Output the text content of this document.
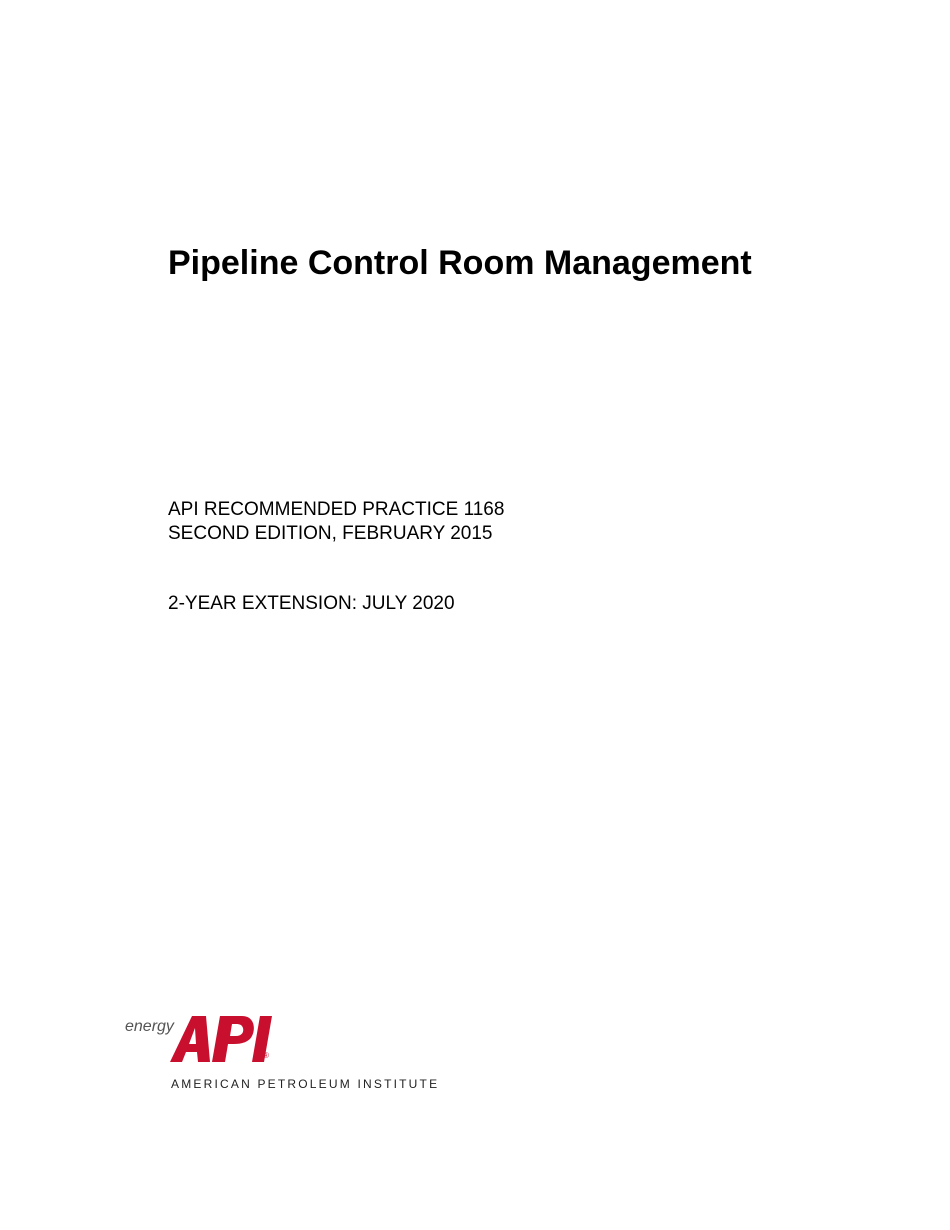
Pipeline Control Room Management
API RECOMMENDED PRACTICE 1168
SECOND EDITION, FEBRUARY 2015
2-YEAR EXTENSION: JULY 2020
energy
®
AMERICAN PETROLEUM INSTITUTE
